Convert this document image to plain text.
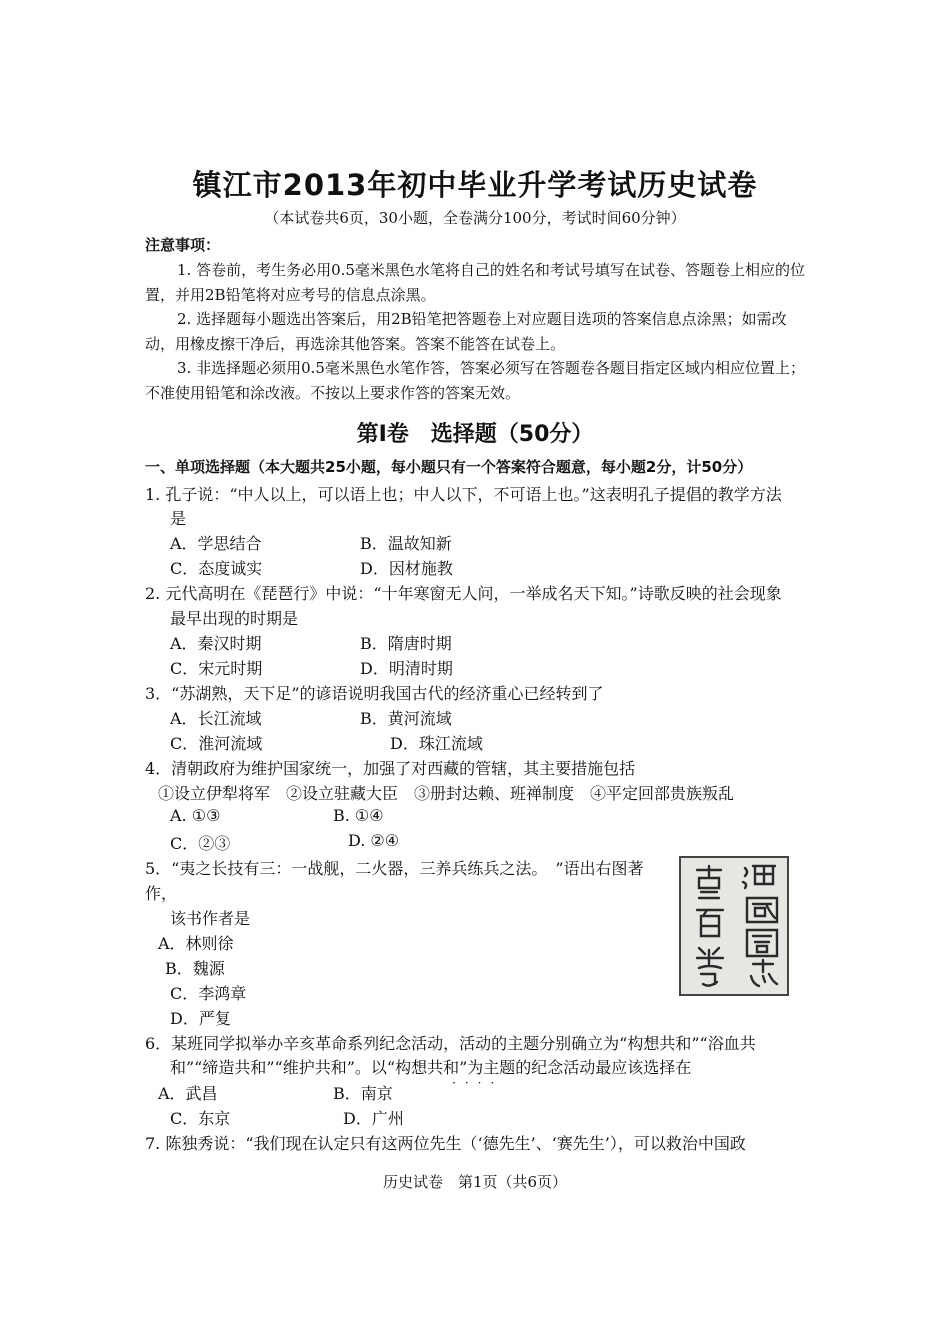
镇江市2013年初中毕业升学考试历史试卷
（本试卷共6页，30小题，全卷满分100分，考试时间60分钟）
注意事项：
1. 答卷前，考生务必用0.5毫米黑色水笔将自己的姓名和考试号填写在试卷、答题卷上相应的位置，并用2B铅笔将对应考号的信息点涂黑。
2. 选择题每小题选出答案后，用2B铅笔把答题卷上对应题目选项的答案信息点涂黑；如需改动，用橡皮擦干净后，再选涂其他答案。答案不能答在试卷上。
3. 非选择题必须用0.5毫米黑色水笔作答，答案必须写在答题卷各题目指定区域内相应位置上；不准使用铅笔和涂改液。不按以上要求作答的答案无效。
第Ⅰ卷　选择题（50分）
一、单项选择题（本大题共25小题，每小题只有一个答案符合题意，每小题2分，计50分）
1. 孔子说：“中人以上，可以语上也；中人以下，不可语上也。”这表明孔子提倡的教学方法
是
A．学思结合	B．温故知新
C．态度诚实	D．因材施教
2. 元代高明在《琵琶行》中说：“十年寒窗无人问，一举成名天下知。”诗歌反映的社会现象
最早出现的时期是
A．秦汉时期	B．隋唐时期
C．宋元时期	D．明清时期
3．“苏湖熟，天下足”的谚语说明我国古代的经济重心已经转到了
A．长江流域	B．黄河流域
C．淮河流域	D．珠江流域
4．清朝政府为维护国家统一，加强了对西藏的管辖，其主要措施包括
①设立伊犁将军　②设立驻藏大臣　③册封达赖、班禅制度　④平定回部贵族叛乱
A. ①③	B. ①④
C．②③	D. ②④
5．“夷之长技有三：一战舰，二火器，三养兵练兵之法。　”语出右图著
作，
该书作者是
A．林则徐
B．魏源
C．李鸿章
D．严复
6．某班同学拟举办辛亥革命系列纪念活动，活动的主题分别确立为“构想共和”“浴血共
和”“缔造共和”“维护共和”。以“构想共和”为主题的纪念活动最应该选择在
····
A．武昌	B．南京
C．东京	D．广州
7. 陈独秀说：“我们现在认定只有这两位先生（‘德先生’、‘赛先生’），可以救治中国政
历史试卷　第1页（共6页）
